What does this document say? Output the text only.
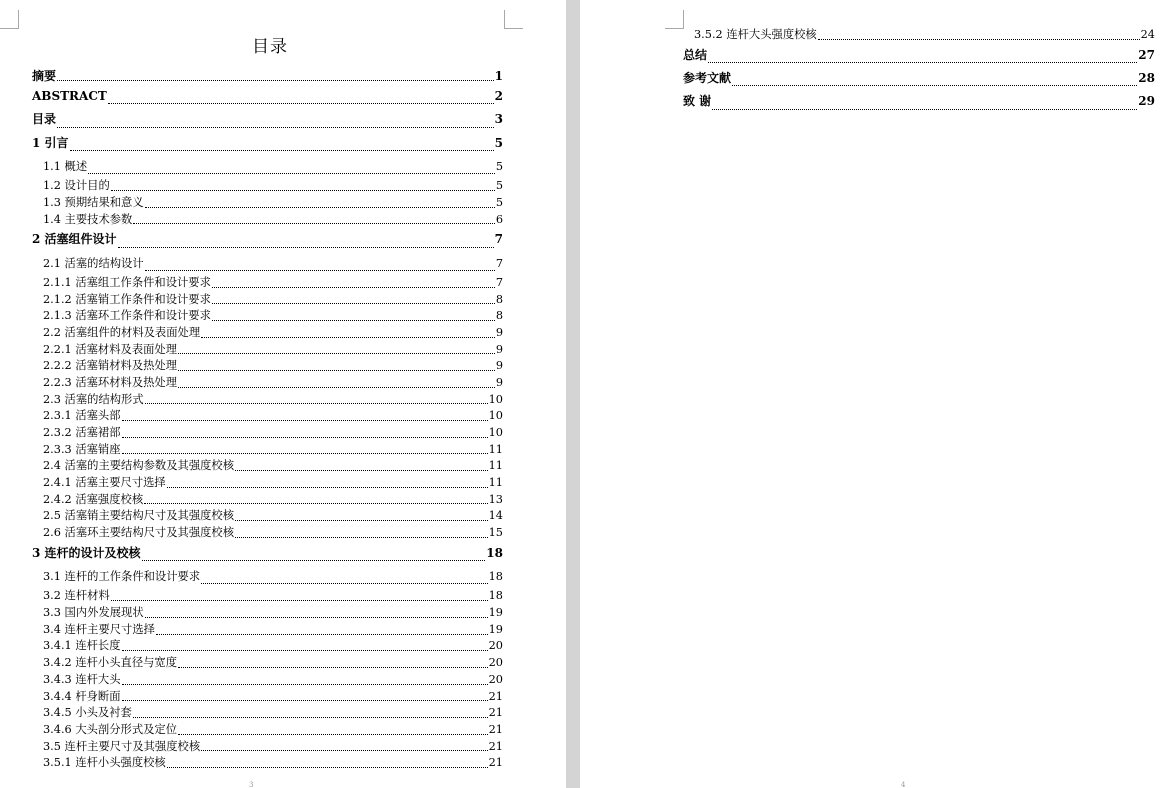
目录
3
摘要	1
ABSTRACT	2
目录	3
1 引言	5
1.1 概述	5
1.2 设计目的	5
1.3 预期结果和意义	5
1.4 主要技术参数	6
2 活塞组件设计	7
2.1 活塞的结构设计	7
2.1.1 活塞组工作条件和设计要求	7
2.1.2 活塞销工作条件和设计要求	8
2.1.3 活塞环工作条件和设计要求	8
2.2 活塞组件的材料及表面处理	9
2.2.1 活塞材料及表面处理	9
2.2.2 活塞销材料及热处理	9
2.2.3 活塞环材料及热处理	9
2.3 活塞的结构形式	10
2.3.1 活塞头部	10
2.3.2 活塞裙部	10
2.3.3 活塞销座	11
2.4 活塞的主要结构参数及其强度校核	11
2.4.1 活塞主要尺寸选择	11
2.4.2 活塞强度校核	13
2.5 活塞销主要结构尺寸及其强度校核	14
2.6 活塞环主要结构尺寸及其强度校核	15
3 连杆的设计及校核	18
3.1 连杆的工作条件和设计要求	18
3.2 连杆材料	18
3.3 国内外发展现状	19
3.4 连杆主要尺寸选择	19
3.4.1 连杆长度	20
3.4.2 连杆小头直径与宽度	20
3.4.3 连杆大头	20
3.4.4 杆身断面	21
3.4.5 小头及衬套	21
3.4.6 大头剖分形式及定位	21
3.5 连杆主要尺寸及其强度校核	21
3.5.1 连杆小头强度校核	21
4
3.5.2 连杆大头强度校核	24
总结	27
参考文献	28
致 谢	29
